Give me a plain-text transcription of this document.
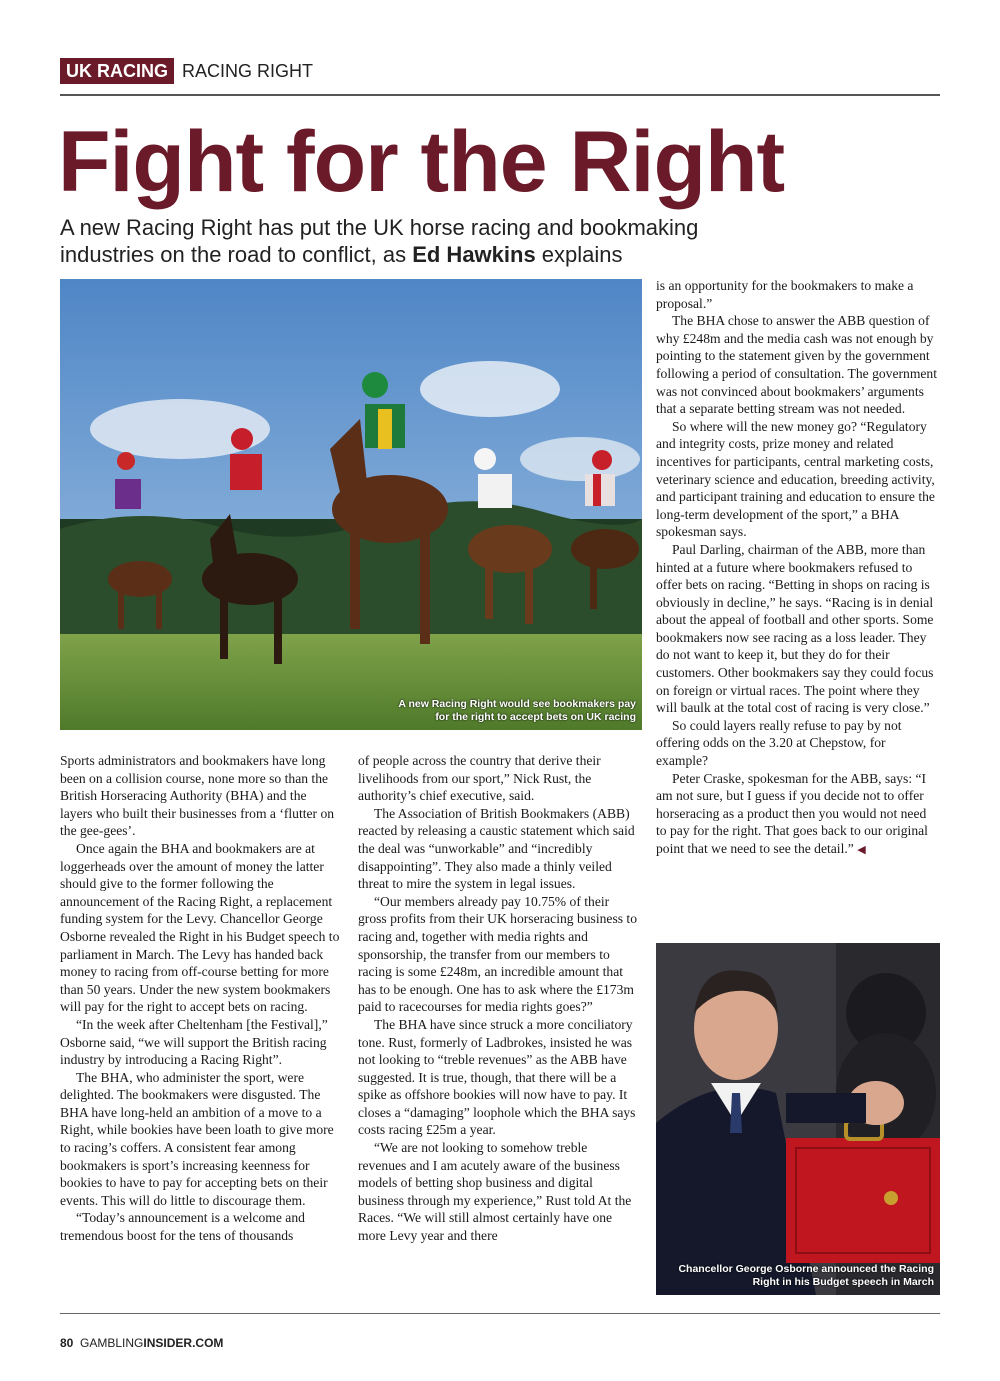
UK RACING RACING RIGHT
Fight for the Right
A new Racing Right has put the UK horse racing and bookmaking industries on the road to conflict, as Ed Hawkins explains
A new Racing Right would see bookmakers pay for the right to accept bets on UK racing

Sports administrators and bookmakers have long been on a collision course, none more so than the British Horseracing Authority (BHA) and the layers who built their businesses from a ‘flutter on the gee-gees’.

Once again the BHA and bookmakers are at loggerheads over the amount of money the latter should give to the former following the announcement of the Racing Right, a replacement funding system for the Levy. Chancellor George Osborne revealed the Right in his Budget speech to parliament in March. The Levy has handed back money to racing from off-course betting for more than 50 years. Under the new system bookmakers will pay for the right to accept bets on racing.

“In the week after Cheltenham [the Festival],” Osborne said, “we will support the British racing industry by introducing a Racing Right”.

The BHA, who administer the sport, were delighted. The bookmakers were disgusted. The BHA have long-held an ambition of a move to a Right, while bookies have been loath to give more to racing’s coffers. A consistent fear among bookmakers is sport’s increasing keenness for bookies to have to pay for accepting bets on their events. This will do little to discourage them.

“Today’s announcement is a welcome and tremendous boost for the tens of thousands

of people across the country that derive their livelihoods from our sport,” Nick Rust, the authority’s chief executive, said.

The Association of British Bookmakers (ABB) reacted by releasing a caustic statement which said the deal was “unworkable” and “incredibly disappointing”. They also made a thinly veiled threat to mire the system in legal issues.

“Our members already pay 10.75% of their gross profits from their UK horseracing business to racing and, together with media rights and sponsorship, the transfer from our members to racing is some £248m, an incredible amount that has to be enough. One has to ask where the £173m paid to racecourses for media rights goes?”

The BHA have since struck a more conciliatory tone. Rust, formerly of Ladbrokes, insisted he was not looking to “treble revenues” as the ABB have suggested. It is true, though, that there will be a spike as offshore bookies will now have to pay. It closes a “damaging” loophole which the BHA says costs racing £25m a year.

“We are not looking to somehow treble revenues and I am acutely aware of the business models of betting shop business and digital business through my experience,” Rust told At the Races. “We will still almost certainly have one more Levy year and there

is an opportunity for the bookmakers to make a proposal.”

The BHA chose to answer the ABB question of why £248m and the media cash was not enough by pointing to the statement given by the government following a period of consultation. The government was not convinced about bookmakers’ arguments that a separate betting stream was not needed.

So where will the new money go? “Regulatory and integrity costs, prize money and related incentives for participants, central marketing costs, veterinary science and education, breeding activity, and participant training and education to ensure the long-term development of the sport,” a BHA spokesman says.

Paul Darling, chairman of the ABB, more than hinted at a future where bookmakers refused to offer bets on racing. “Betting in shops on racing is obviously in decline,” he says. “Racing is in denial about the appeal of football and other sports. Some bookmakers now see racing as a loss leader. They do not want to keep it, but they do for their customers. Other bookmakers say they could focus on foreign or virtual races. The point where they will baulk at the total cost of racing is very close.”

So could layers really refuse to pay by not offering odds on the 3.20 at Chepstow, for example?

Peter Craske, spokesman for the ABB, says: “I am not sure, but I guess if you decide not to offer horseracing as a product then you would not need to pay for the right. That goes back to our original point that we need to see the detail.” ◀

Chancellor George Osborne announced the Racing Right in his Budget speech in March
80 GAMBLINGINSIDER.COM
